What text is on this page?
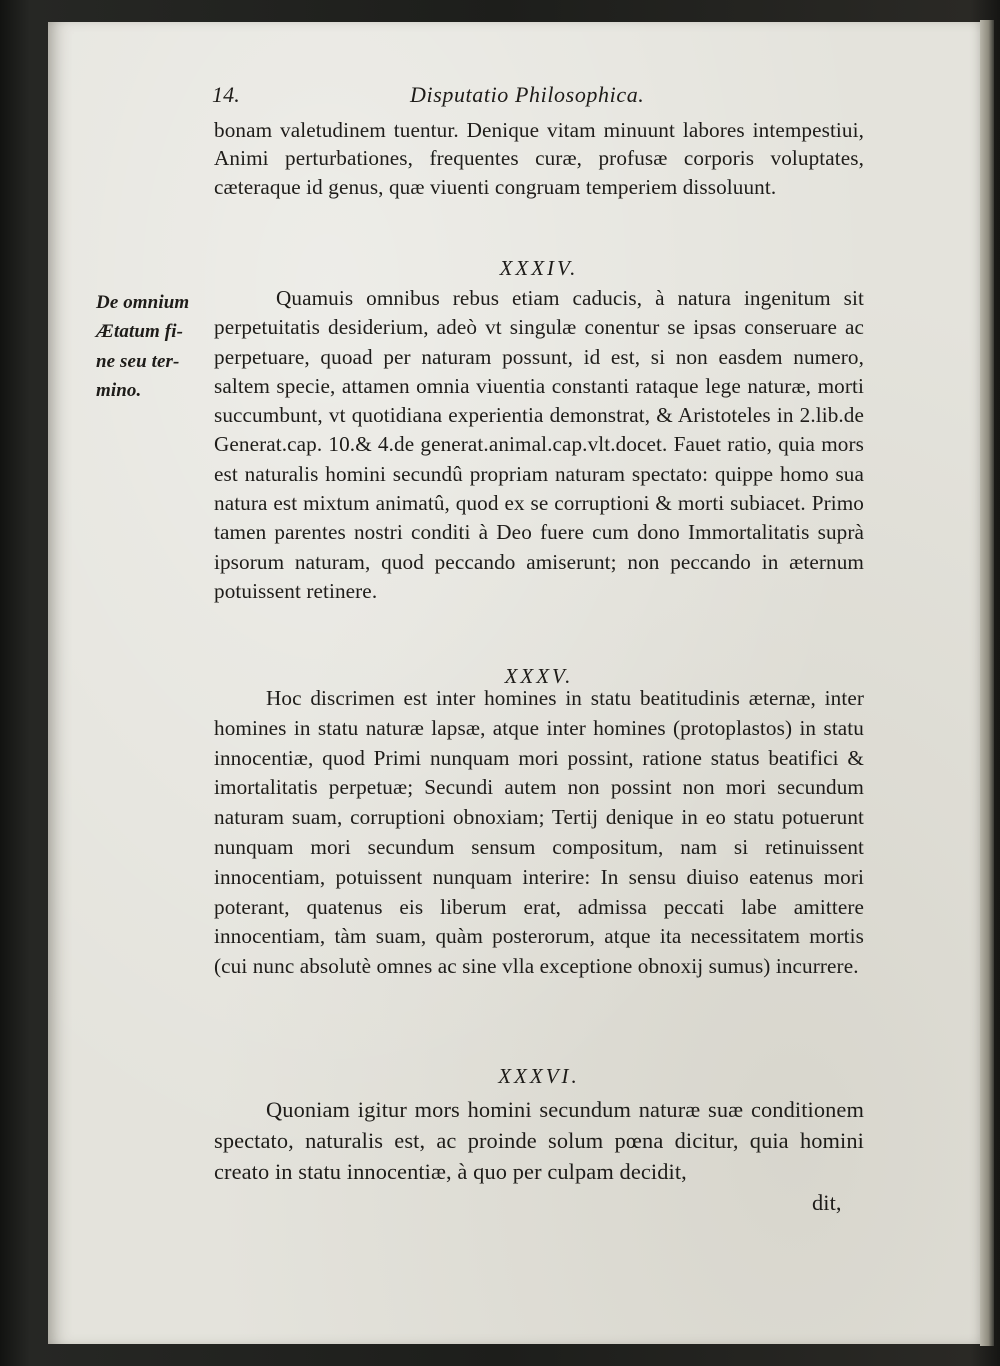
14.	Disputatio Philosophica.

bonam valetudinem tuentur. Denique vitam minuunt labores intempestiui, Animi perturbationes, frequentes curæ, profusæ corporis voluptates, cæteraque id genus, quæ viuenti congruam temperiem dissoluunt.

XXXIV.
De omnium
Ætatum fi-
ne seu ter-
mino.

Quamuis omnibus rebus etiam caducis, à natura ingenitum sit perpetuitatis desiderium, adeò vt singulæ conentur se ipsas conseruare ac perpetuare, quoad per naturam possunt, id est, si non easdem numero, saltem specie, attamen omnia viuentia constanti rataque lege naturæ, morti succumbunt, vt quotidiana experientia demonstrat, & Aristoteles in 2.lib.de Generat.cap. 10.& 4.de generat.animal.cap.vlt.docet. Fauet ratio, quia mors est naturalis homini secundû propriam naturam spectato: quippe homo sua natura est mixtum animatû, quod ex se corruptioni & morti subiacet. Primo tamen parentes nostri conditi à Deo fuere cum dono Immortalitatis suprà ipsorum naturam, quod peccando amiserunt; non peccando in æternum potuissent retinere.

XXXV.

Hoc discrimen est inter homines in statu beatitudinis æternæ, inter homines in statu naturæ lapsæ, atque inter homines (protoplastos) in statu innocentiæ, quod Primi nunquam mori possint, ratione status beatifici & imortalitatis perpetuæ; Secundi autem non possint non mori secundum naturam suam, corruptioni obnoxiam; Tertij denique in eo statu potuerunt nunquam mori secundum sensum compositum, nam si retinuissent innocentiam, potuissent nunquam interire: In sensu diuiso eatenus mori poterant, quatenus eis liberum erat, admissa peccati labe amittere innocentiam, tàm suam, quàm posterorum, atque ita necessitatem mortis (cui nunc absolutè omnes ac sine vlla exceptione obnoxij sumus) incurrere.

XXXVI.

Quoniam igitur mors homini secundum naturæ suæ conditionem spectato, naturalis est, ac proinde solum pœna dicitur, quia homini creato in statu innocentiæ, à quo per culpam decidit,

dit,
